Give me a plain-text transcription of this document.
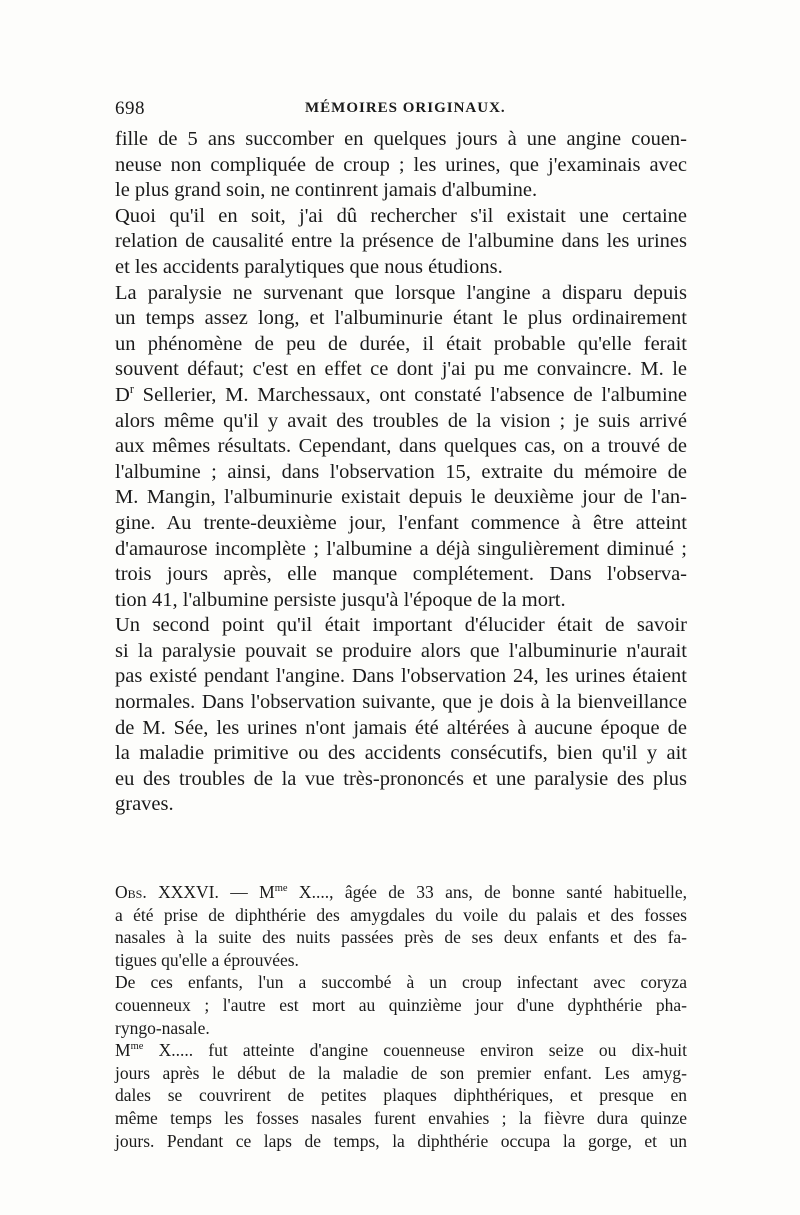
698	MÉMOIRES ORIGINAUX.
fille de 5 ans succomber en quelques jours à une angine couen-
neuse non compliquée de croup ; les urines, que j'examinais avec
le plus grand soin, ne continrent jamais d'albumine.
Quoi qu'il en soit, j'ai dû rechercher s'il existait une certaine
relation de causalité entre la présence de l'albumine dans les urines
et les accidents paralytiques que nous étudions.
La paralysie ne survenant que lorsque l'angine a disparu depuis
un temps assez long, et l'albuminurie étant le plus ordinairement
un phénomène de peu de durée, il était probable qu'elle ferait
souvent défaut; c'est en effet ce dont j'ai pu me convaincre. M. le
$D^r$ Sellerier, M. Marchessaux, ont constaté l'absence de l'albumine
alors même qu'il y avait des troubles de la vision ; je suis arrivé
aux mêmes résultats. Cependant, dans quelques cas, on a trouvé de
l'albumine ; ainsi, dans l'observation 15, extraite du mémoire de
M. Mangin, l'albuminurie existait depuis le deuxième jour de l'an-
gine. Au trente-deuxième jour, l'enfant commence à être atteint
d'amaurose incomplète ; l'albumine a déjà singulièrement diminué ;
trois jours après, elle manque complétement. Dans l'observa-
tion 41, l'albumine persiste jusqu'à l'époque de la mort.
Un second point qu'il était important d'élucider était de savoir
si la paralysie pouvait se produire alors que l'albuminurie n'aurait
pas existé pendant l'angine. Dans l'observation 24, les urines étaient
normales. Dans l'observation suivante, que je dois à la bienveillance
de M. Sée, les urines n'ont jamais été altérées à aucune époque de
la maladie primitive ou des accidents consécutifs, bien qu'il y ait
eu des troubles de la vue très-prononcés et une paralysie des plus
graves.
Obs. XXXVI. — $M^{me}$ X...., âgée de 33 ans, de bonne santé habituelle,
a été prise de diphthérie des amygdales du voile du palais et des fosses
nasales à la suite des nuits passées près de ses deux enfants et des fa-
tigues qu'elle a éprouvées.
De ces enfants, l'un a succombé à un croup infectant avec coryza
couenneux ; l'autre est mort au quinzième jour d'une dyphthérie pha-
ryngo-nasale.
$M^{me}$ X..... fut atteinte d'angine couenneuse environ seize ou dix-huit
jours après le début de la maladie de son premier enfant. Les amyg-
dales se couvrirent de petites plaques diphthériques, et presque en
même temps les fosses nasales furent envahies ; la fièvre dura quinze
jours. Pendant ce laps de temps, la diphthérie occupa la gorge, et un
